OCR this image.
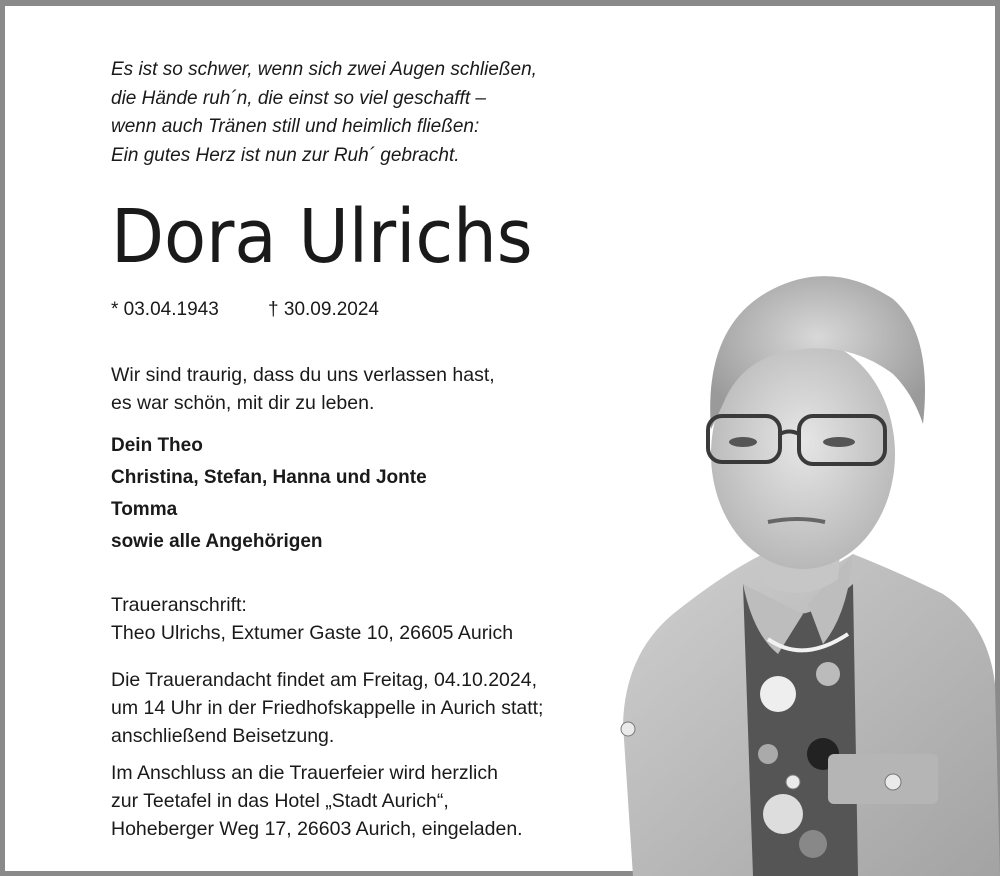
Es ist so schwer, wenn sich zwei Augen schließen,
die Hände ruh´n, die einst so viel geschafft –
wenn auch Tränen still und heimlich fließen:
Ein gutes Herz ist nun zur Ruh´ gebracht.
Dora Ulrichs
* 03.04.1943	† 30.09.2024
Wir sind traurig, dass du uns verlassen hast,
es war schön, mit dir zu leben.
Dein Theo
Christina, Stefan, Hanna und Jonte
Tomma
sowie alle Angehörigen
Traueranschrift:
Theo Ulrichs, Extumer Gaste 10, 26605 Aurich
Die Trauerandacht findet am Freitag, 04.10.2024,
um 14 Uhr in der Friedhofskappelle in Aurich statt;
anschließend Beisetzung.
Im Anschluss an die Trauerfeier wird herzlich
zur Teetafel in das Hotel „Stadt Aurich“,
Hoheberger Weg 17, 26603 Aurich, eingeladen.
